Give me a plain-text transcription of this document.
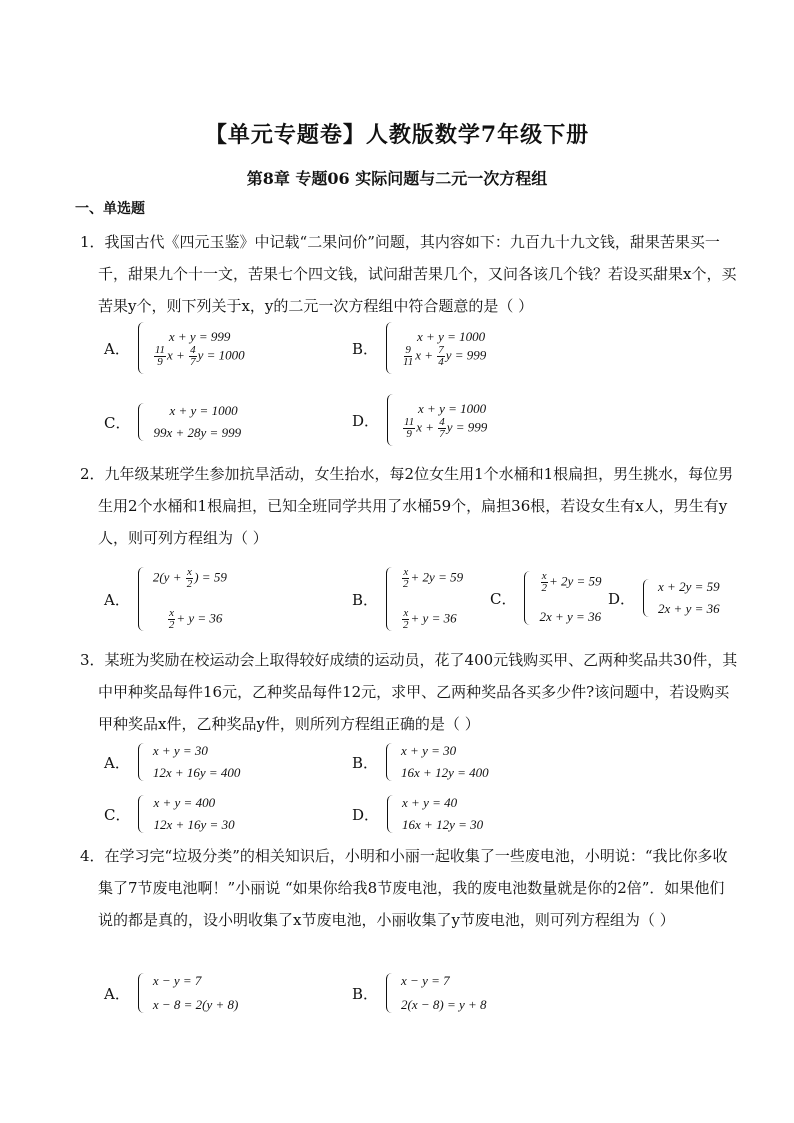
【单元专题卷】人教版数学7年级下册
第8章 专题06 实际问题与二元一次方程组
一、单选题
1．我国古代《四元玉鉴》中记载“二果问价”问题，其内容如下：九百九十九文钱，甜果苦果买一千，甜果九个十一文，苦果七个四文钱，试问甜苦果几个，又问各该几个钱？若设买甜果x个，买苦果y个，则下列关于x，y的二元一次方程组中符合题意的是（ ）
A．
x + y = 999
$\frac{11}{9}$ $x + \frac{4}{7}$ y = 1000	B．
x + y = 1000
$\frac{9}{11}$ $x + \frac{7}{4}$ y = 999
C．
x + y = 1000
99x + 28y = 999
D．
x + y = 1000
$\frac{11}{9}$ $x + \frac{4}{7}$ y = 999
2．九年级某班学生参加抗旱活动，女生抬水，每2位女生用1个水桶和1根扁担，男生挑水，每位男生用2个水桶和1根扁担，已知全班同学共用了水桶59个，扁担36根，若设女生有x人，男生有y人，则可列方程组为（ ）
A．
$2(y + \frac{x}{2}$ ) = 59
$\frac{x}{2} + y = 36$
B．
$\frac{x}{2} + 2y = 59$
$\frac{x}{2} + y = 36$
C．
$\frac{x}{2} + 2y = 59$
2x + y = 36
D．
x + 2y = 59
2x + y = 36
3．某班为奖励在校运动会上取得较好成绩的运动员，花了400元钱购买甲、乙两种奖品共30件，其中甲种奖品每件16元，乙种奖品每件12元，求甲、乙两种奖品各买多少件?该问题中，若设购买甲种奖品x件，乙种奖品y件，则所列方程组正确的是（ ）
A．
x + y = 30
12x + 16y = 400
B．
x + y = 30
16x + 12y = 400
C．
x + y = 400
12x + 16y = 30
D．
x + y = 40
16x + 12y = 30
4．在学习完“垃圾分类”的相关知识后，小明和小丽一起收集了一些废电池，小明说：“我比你多收集了7节废电池啊！”小丽说 “如果你给我8节废电池，我的废电池数量就是你的2倍”．如果他们说的都是真的，设小明收集了x节废电池，小丽收集了y节废电池，则可列方程组为（ ）
A．
x − y = 7
x − 8 = 2(y + 8)
B．
x − y = 7
2(x − 8) = y + 8
